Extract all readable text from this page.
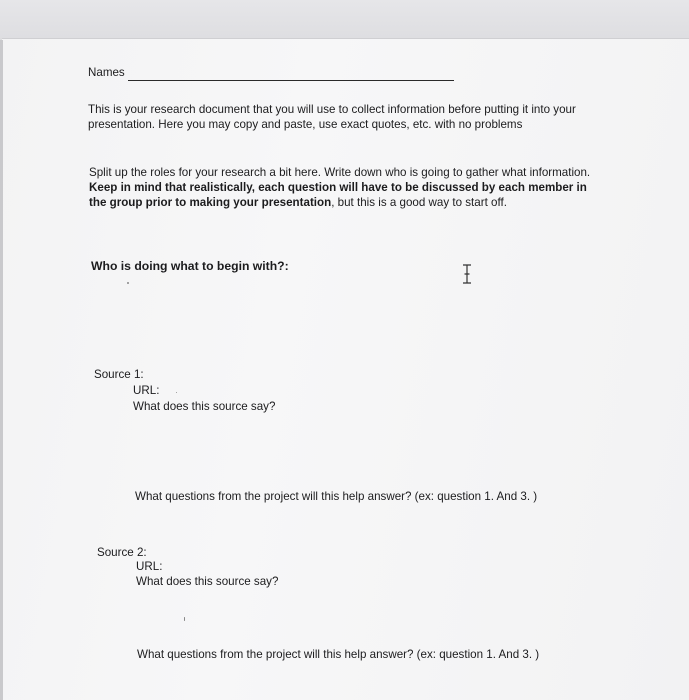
Names

This is your research document that you will use to collect information before putting it into your presentation. Here you may copy and paste, use exact quotes, etc. with no problems

Split up the roles for your research a bit here. Write down who is going to gather what information. Keep in mind that realistically, each question will have to be discussed by each member in the group prior to making your presentation, but this is a good way to start off.

Who is doing what to begin with?:

Source 1:

URL:

What does this source say?

What questions from the project will this help answer? (ex: question 1. And 3. )

Source 2:

URL:

What does this source say?

What questions from the project will this help answer? (ex: question 1. And 3. )
